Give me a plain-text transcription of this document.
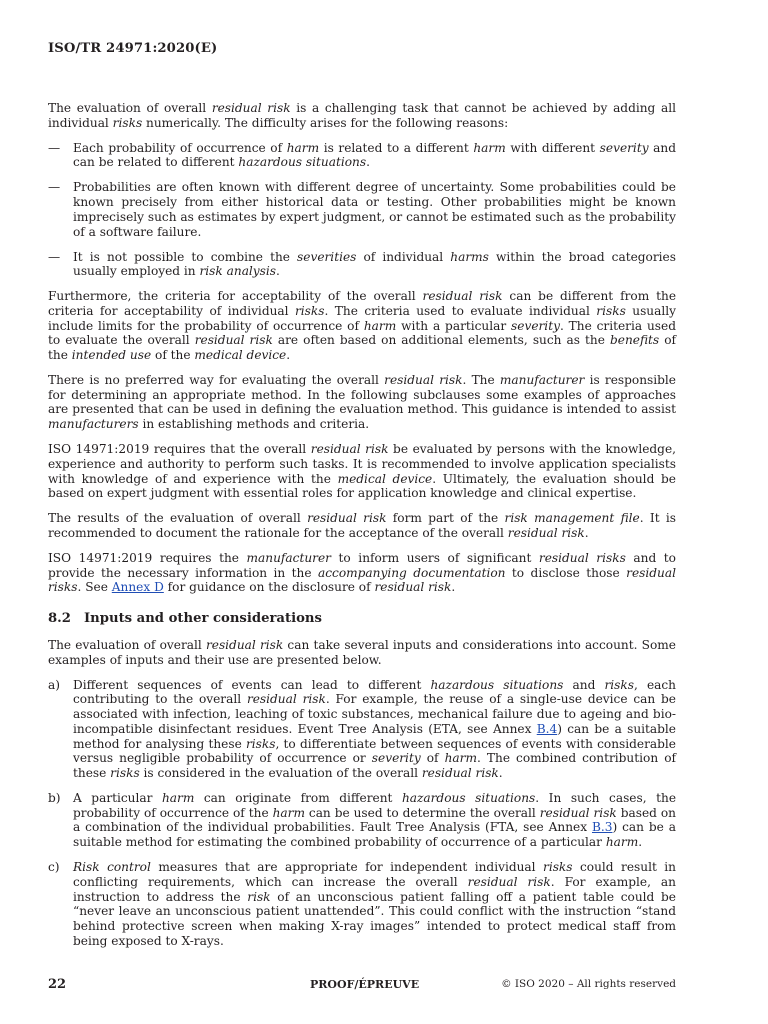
ISO/TR 24971:2020(E)

The evaluation of overall residual risk is a challenging task that cannot be achieved by adding all individual risks numerically. The difficulty arises for the following reasons:

—	Each probability of occurrence of harm is related to a different harm with different severity and can be related to different hazardous situations.
—	Probabilities are often known with different degree of uncertainty. Some probabilities could be known precisely from either historical data or testing. Other probabilities might be known imprecisely such as estimates by expert judgment, or cannot be estimated such as the probability of a software failure.
—	It is not possible to combine the severities of individual harms within the broad categories usually employed in risk analysis.

Furthermore, the criteria for acceptability of the overall residual risk can be different from the criteria for acceptability of individual risks. The criteria used to evaluate individual risks usually include limits for the probability of occurrence of harm with a particular severity. The criteria used to evaluate the overall residual risk are often based on additional elements, such as the benefits of the intended use of the medical device.

There is no preferred way for evaluating the overall residual risk. The manufacturer is responsible for determining an appropriate method. In the following subclauses some examples of approaches are presented that can be used in defining the evaluation method. This guidance is intended to assist manufacturers in establishing methods and criteria.

ISO 14971:2019 requires that the overall residual risk be evaluated by persons with the knowledge, experience and authority to perform such tasks. It is recommended to involve application specialists with knowledge of and experience with the medical device. Ultimately, the evaluation should be based on expert judgment with essential roles for application knowledge and clinical expertise.

The results of the evaluation of overall residual risk form part of the risk management file. It is recommended to document the rationale for the acceptance of the overall residual risk.

ISO 14971:2019 requires the manufacturer to inform users of significant residual risks and to provide the necessary information in the accompanying documentation to disclose those residual risks. See Annex D for guidance on the disclosure of residual risk.

8.2 Inputs and other considerations

The evaluation of overall residual risk can take several inputs and considerations into account. Some examples of inputs and their use are presented below.

a)	Different sequences of events can lead to different hazardous situations and risks, each contributing to the overall residual risk. For example, the reuse of a single-use device can be associated with infection, leaching of toxic substances, mechanical failure due to ageing and bio-incompatible disinfectant residues. Event Tree Analysis (ETA, see Annex B.4) can be a suitable method for analysing these risks, to differentiate between sequences of events with considerable versus negligible probability of occurrence or severity of harm. The combined contribution of these risks is considered in the evaluation of the overall residual risk.
b)	A particular harm can originate from different hazardous situations. In such cases, the probability of occurrence of the harm can be used to determine the overall residual risk based on a combination of the individual probabilities. Fault Tree Analysis (FTA, see Annex B.3) can be a suitable method for estimating the combined probability of occurrence of a particular harm.
c)	Risk control measures that are appropriate for independent individual risks could result in conflicting requirements, which can increase the overall residual risk. For example, an instruction to address the risk of an unconscious patient falling off a patient table could be “never leave an unconscious patient unattended”. This could conflict with the instruction “stand behind protective screen when making X-ray images” intended to protect medical staff from being exposed to X-rays.
22	PROOF/ÉPREUVE	© ISO 2020 – All rights reserved
